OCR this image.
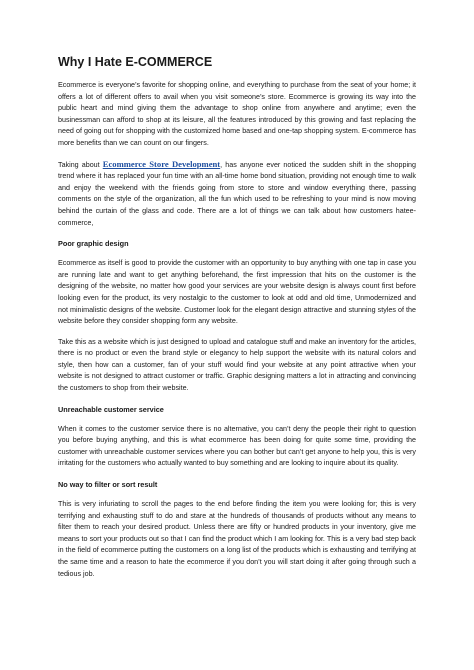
Why I Hate E-COMMERCE

Ecommerce is everyone’s favorite for shopping online, and everything to purchase from the seat of your home; it offers a lot of different offers to avail when you visit someone’s store. Ecommerce is growing its way into the public heart and mind giving them the advantage to shop online from anywhere and anytime; even the businessman can afford to shop at its leisure, all the features introduced by this growing and fast replacing the need of going out for shopping with the customized home based and one-tap shopping system. E-commerce has more benefits than we can count on our fingers.

Taking about Ecommerce Store Development, has anyone ever noticed the sudden shift in the shopping trend where it has replaced your fun time with an all-time home bond situation, providing not enough time to walk and enjoy the weekend with the friends going from store to store and window everything there, passing comments on the style of the organization, all the fun which used to be refreshing to your mind is now moving behind the curtain of the glass and code. There are a lot of things we can talk about how customers hatee-commerce,

Poor graphic design

Ecommerce as itself is good to provide the customer with an opportunity to buy anything with one tap in case you are running late and want to get anything beforehand, the first impression that hits on the customer is the designing of the website, no matter how good your services are your website design is always count first before looking even for the product, its very nostalgic to the customer to look at odd and old time, Unmodernized and not minimalistic designs of the website. Customer look for the elegant design attractive and stunning styles of the website before they consider shopping form any website.

Take this as a website which is just designed to upload and catalogue stuff and make an inventory for the articles, there is no product or even the brand style or elegancy to help support the website with its natural colors and style, then how can a customer, fan of your stuff would find your website at any point attractive when your website is not designed to attract customer or traffic. Graphic designing matters a lot in attracting and convincing the customers to shop from their website.

Unreachable customer service

When it comes to the customer service there is no alternative, you can’t deny the people their right to question you before buying anything, and this is what ecommerce has been doing for quite some time, providing the customer with unreachable customer services where you can bother but can’t get anyone to help you, this is very irritating for the customers who actually wanted to buy something and are looking to inquire about its quality.

No way to filter or sort result

This is very infuriating to scroll the pages to the end before finding the item you were looking for; this is very terrifying and exhausting stuff to do and stare at the hundreds of thousands of products without any means to filter them to reach your desired product. Unless there are fifty or hundred products in your inventory, give me means to sort your products out so that I can find the product which I am looking for. This is a very bad step back in the field of ecommerce putting the customers on a long list of the products which is exhausting and terrifying at the same time and a reason to hate the ecommerce if you don’t you will start doing it after going through such a tedious job.
